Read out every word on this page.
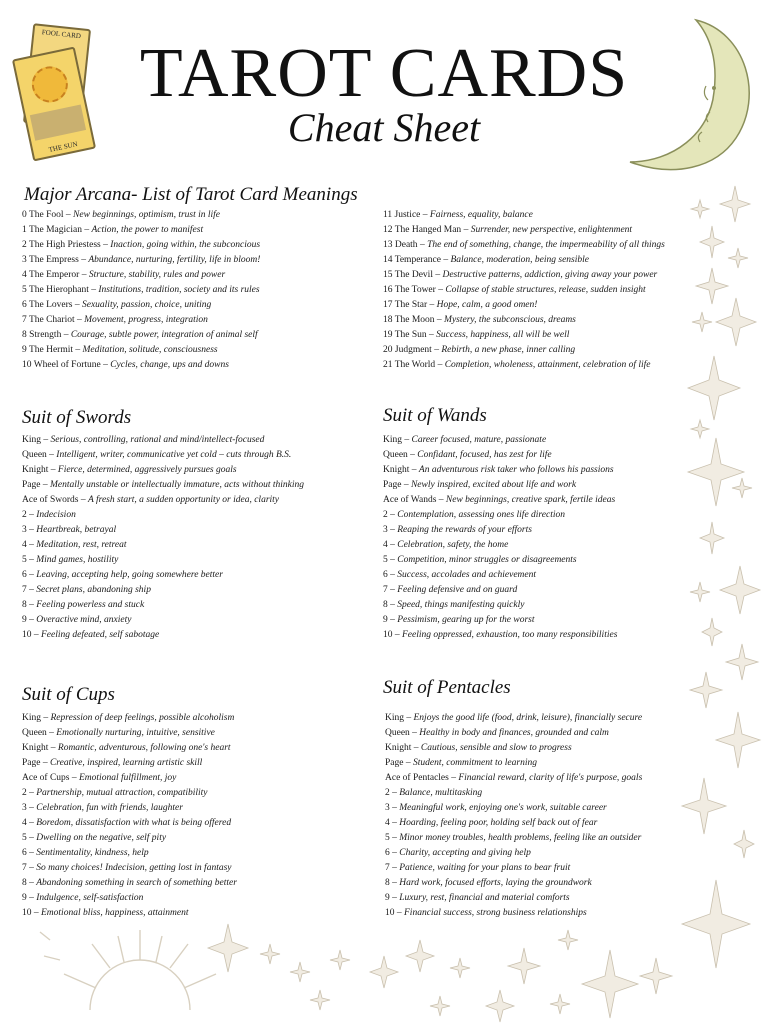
FOOL CARD
THE SUN
TAROT CARDS
Cheat Sheet
Major Arcana- List of Tarot Card Meanings
0 The Fool – New beginnings, optimism, trust in life
1 The Magician – Action, the power to manifest
2 The High Priestess – Inaction, going within, the subconcious
3 The Empress – Abundance, nurturing, fertility, life in bloom!
4 The Emperor – Structure, stability, rules and power
5 The Hierophant – Institutions, tradition, society and its rules
6 The Lovers – Sexuality, passion, choice, uniting
7 The Chariot – Movement, progress, integration
8 Strength – Courage, subtle power, integration of animal self
9 The Hermit – Meditation, solitude, consciousness
10 Wheel of Fortune – Cycles, change, ups and downs
11 Justice – Fairness, equality, balance
12 The Hanged Man – Surrender, new perspective, enlightenment
13 Death – The end of something, change, the impermeability of all things
14 Temperance – Balance, moderation, being sensible
15 The Devil – Destructive patterns, addiction, giving away your power
16 The Tower – Collapse of stable structures, release, sudden insight
17 The Star – Hope, calm, a good omen!
18 The Moon – Mystery, the subconscious, dreams
19 The Sun – Success, happiness, all will be well
20 Judgment – Rebirth, a new phase, inner calling
21 The World – Completion, wholeness, attainment, celebration of life
Suit of Swords
King – Serious, controlling, rational and mind/intellect-focused
Queen – Intelligent, writer, communicative yet cold – cuts through B.S.
Knight – Fierce, determined, aggressively pursues goals
Page – Mentally unstable or intellectually immature, acts without thinking
Ace of Swords – A fresh start, a sudden opportunity or idea, clarity
2 – Indecision
3 – Heartbreak, betrayal
4 – Meditation, rest, retreat
5 – Mind games, hostility
6 – Leaving, accepting help, going somewhere better
7 – Secret plans, abandoning ship
8 – Feeling powerless and stuck
9 – Overactive mind, anxiety
10 – Feeling defeated, self sabotage
Suit of Wands
King – Career focused, mature, passionate
Queen – Confidant, focused, has zest for life
Knight – An adventurous risk taker who follows his passions
Page – Newly inspired, excited about life and work
Ace of Wands – New beginnings, creative spark, fertile ideas
2 – Contemplation, assessing ones life direction
3 – Reaping the rewards of your efforts
4 – Celebration, safety, the home
5 – Competition, minor struggles or disagreements
6 – Success, accolades and achievement
7 – Feeling defensive and on guard
8 – Speed, things manifesting quickly
9 – Pessimism, gearing up for the worst
10 – Feeling oppressed, exhaustion, too many responsibilities
Suit of Cups
King – Repression of deep feelings, possible alcoholism
Queen – Emotionally nurturing, intuitive, sensitive
Knight – Romantic, adventurous, following one's heart
Page – Creative, inspired, learning artistic skill
Ace of Cups – Emotional fulfillment, joy
2 – Partnership, mutual attraction, compatibility
3 – Celebration, fun with friends, laughter
4 – Boredom, dissatisfaction with what is being offered
5 – Dwelling on the negative, self pity
6 – Sentimentality, kindness, help
7 – So many choices! Indecision, getting lost in fantasy
8 – Abandoning something in search of something better
9 – Indulgence, self-satisfaction
10 – Emotional bliss, happiness, attainment
Suit of Pentacles
King – Enjoys the good life (food, drink, leisure), financially secure
Queen – Healthy in body and finances, grounded and calm
Knight – Cautious, sensible and slow to progress
Page – Student, commitment to learning
Ace of Pentacles – Financial reward, clarity of life's purpose, goals
2 – Balance, multitasking
3 – Meaningful work, enjoying one's work, suitable career
4 – Hoarding, feeling poor, holding self back out of fear
5 – Minor money troubles, health problems, feeling like an outsider
6 – Charity, accepting and giving help
7 – Patience, waiting for your plans to bear fruit
8 – Hard work, focused efforts, laying the groundwork
9 – Luxury, rest, financial and material comforts
10 – Financial success, strong business relationships
